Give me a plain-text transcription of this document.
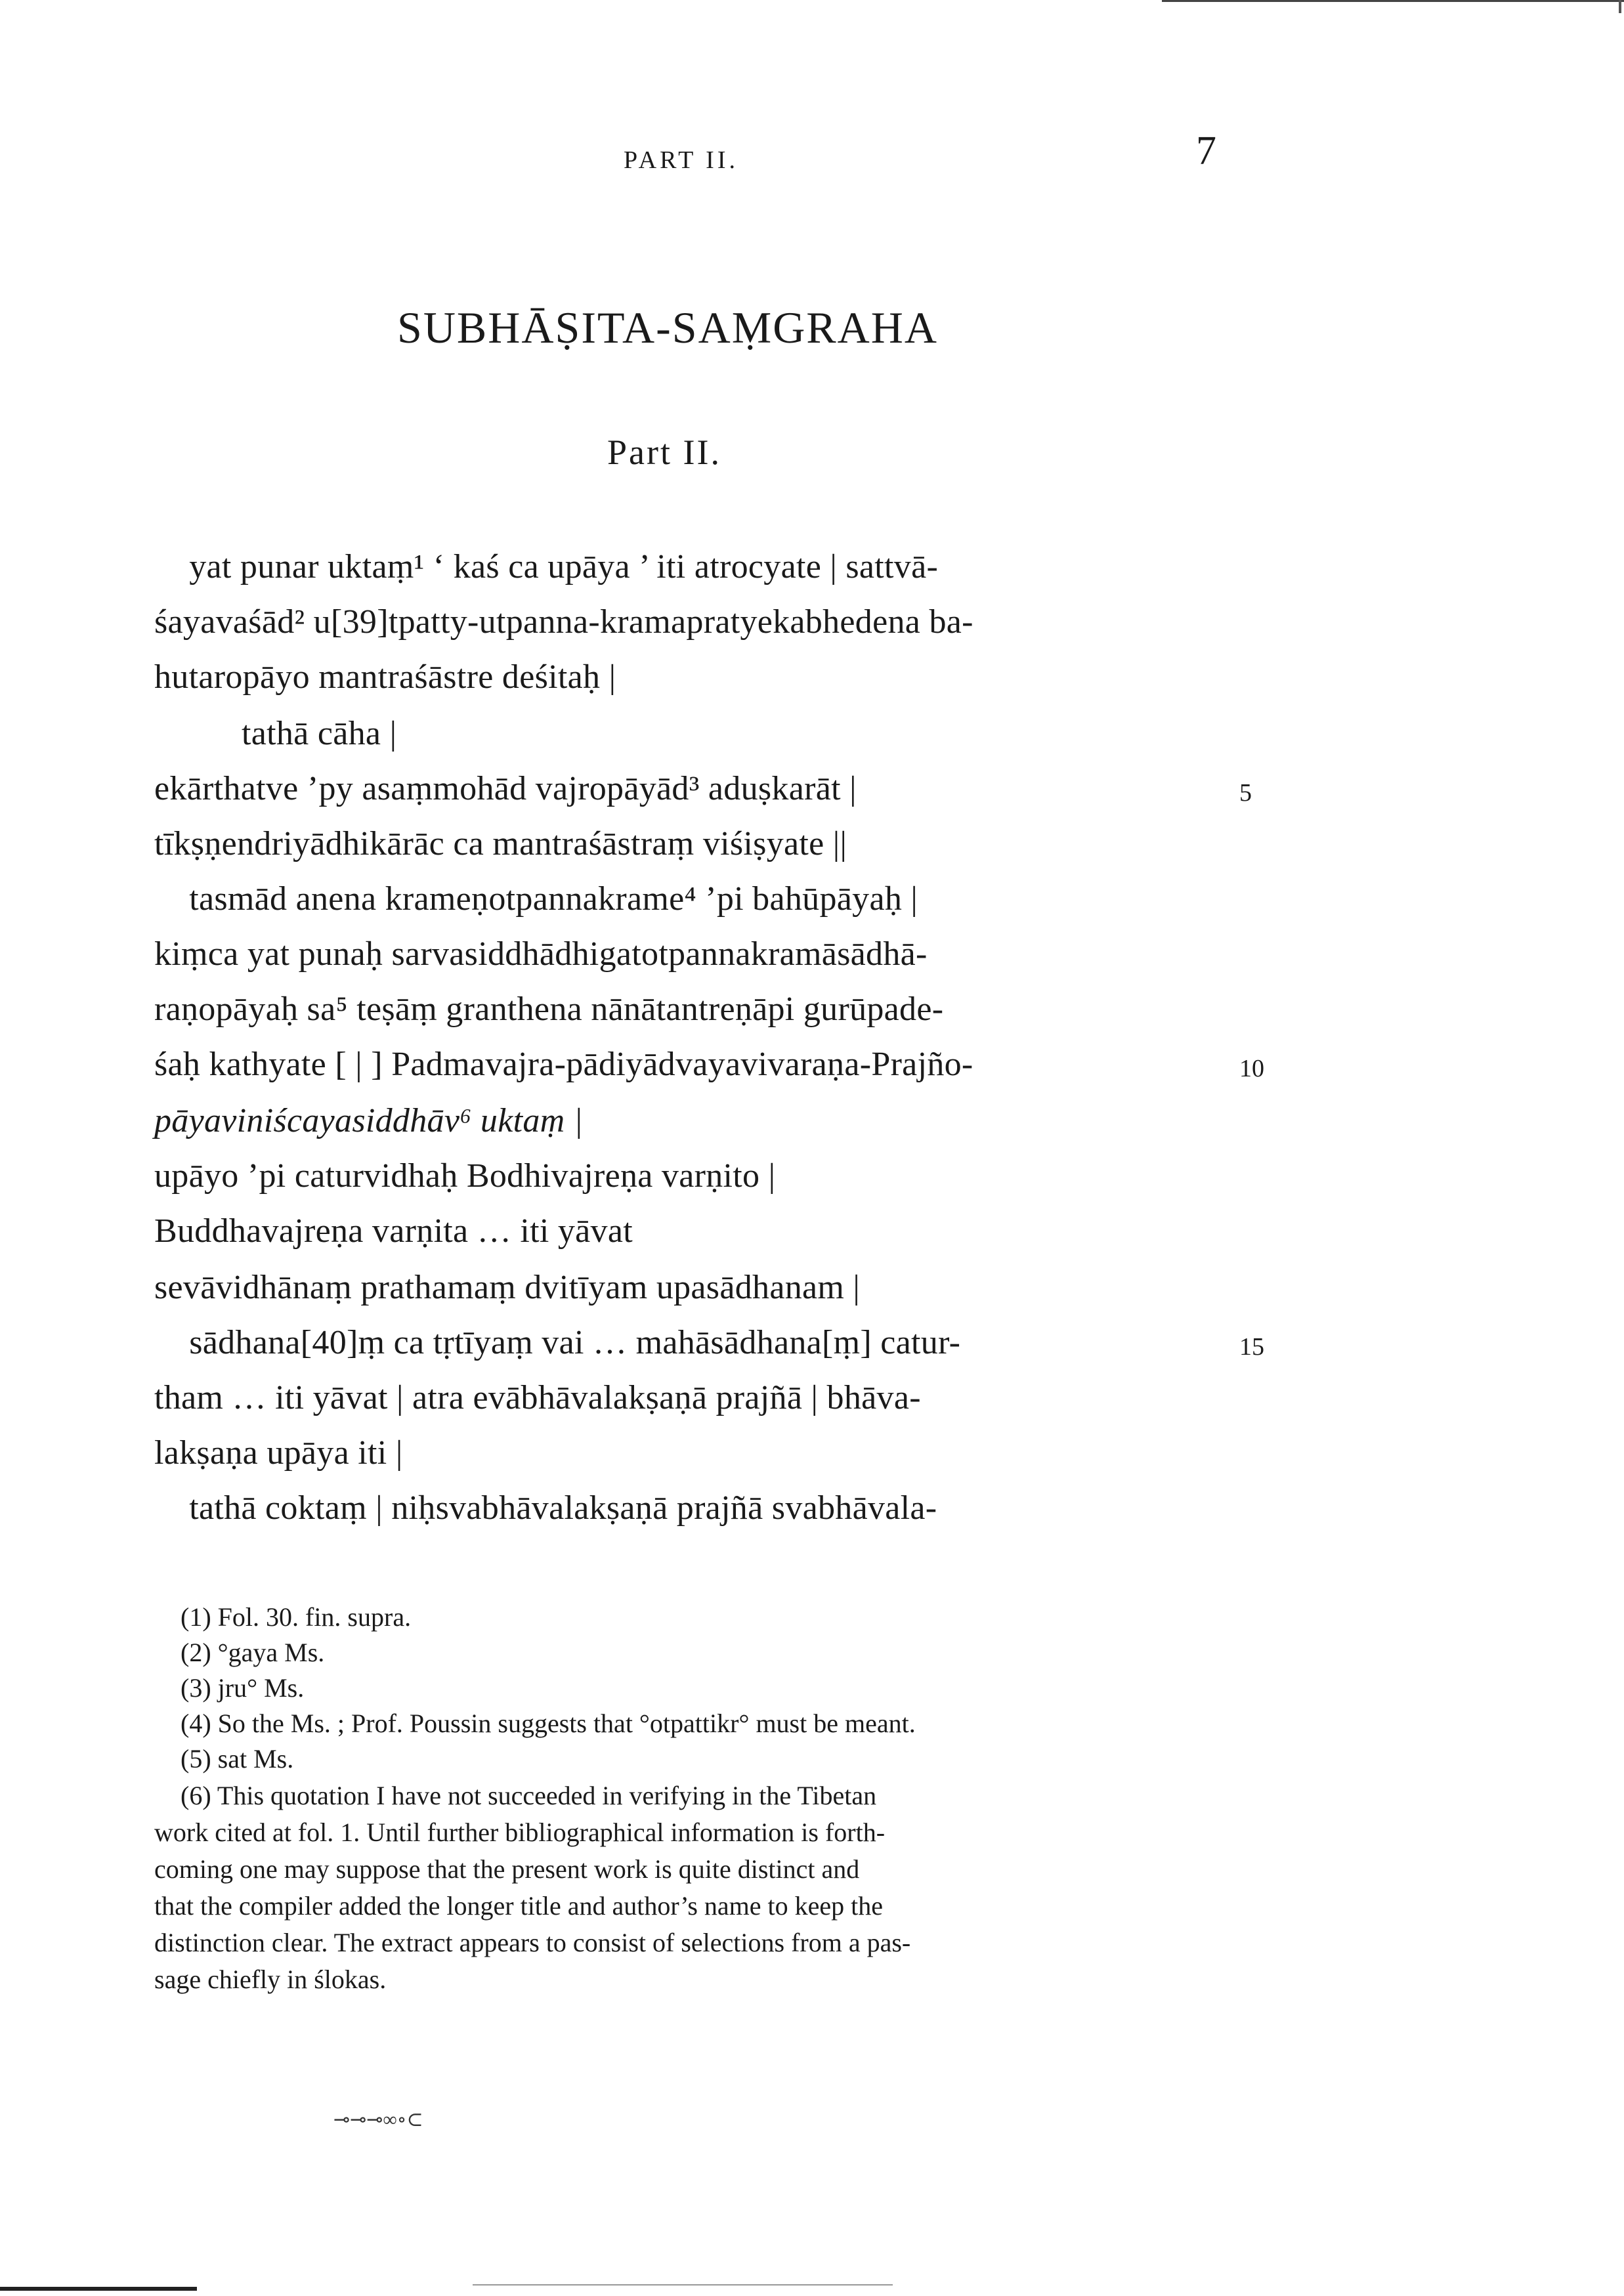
PART II.	7
SUBHĀṢITA-SAṂGRAHA
Part II.
yat punar uktaṃ¹ ‘ kaś ca upāya ’ iti atrocyate | sattvā-
śayavaśād² u[39]tpatty-utpanna-kramapratyekabhedena ba-
hutaropāyo mantraśāstre deśitaḥ |
tathā cāha |
ekārthatve ’py asaṃmohād vajropāyād³ aduṣkarāt |	5
tīkṣṇendriyādhikārāc ca mantraśāstraṃ viśiṣyate ||
tasmād anena krameṇotpannakrame⁴ ’pi bahūpāyaḥ |
kiṃca yat punaḥ sarvasiddhādhigatotpannakramāsādhā-
raṇopāyaḥ sa⁵ teṣāṃ granthena nānātantreṇāpi gurūpade-
śaḥ kathyate [ | ] Padmavajra-pādiyādvayavivaraṇa-Prajño-	10
pāyaviniścayasiddhāv⁶ uktaṃ |
upāyo ’pi caturvidhaḥ Bodhivajreṇa varṇito |
Buddhavajreṇa varṇita … iti yāvat
sevāvidhānaṃ prathamaṃ dvitīyam upasādhanam |
sādhana[40]ṃ ca tṛtīyaṃ vai … mahāsādhana[ṃ] catur-	15
tham … iti yāvat | atra evābhāvalakṣaṇā prajñā | bhāva-
lakṣaṇa upāya iti |
tathā coktaṃ | niḥsvabhāvalakṣaṇā prajñā svabhāvala-
(1) Fol. 30. fin. supra.
(2) °gaya Ms.
(3) jru° Ms.
(4) So the Ms. ; Prof. Poussin suggests that °otpattikr° must be meant.
(5) sat Ms.
(6) This quotation I have not succeeded in verifying in the Tibetan
work cited at fol. 1. Until further bibliographical information is forth-
coming one may suppose that the present work is quite distinct and
that the compiler added the longer title and author’s name to keep the
distinction clear. The extract appears to consist of selections from a pas-
sage chiefly in ślokas.
⊸⊸⊸∞∘⊂
